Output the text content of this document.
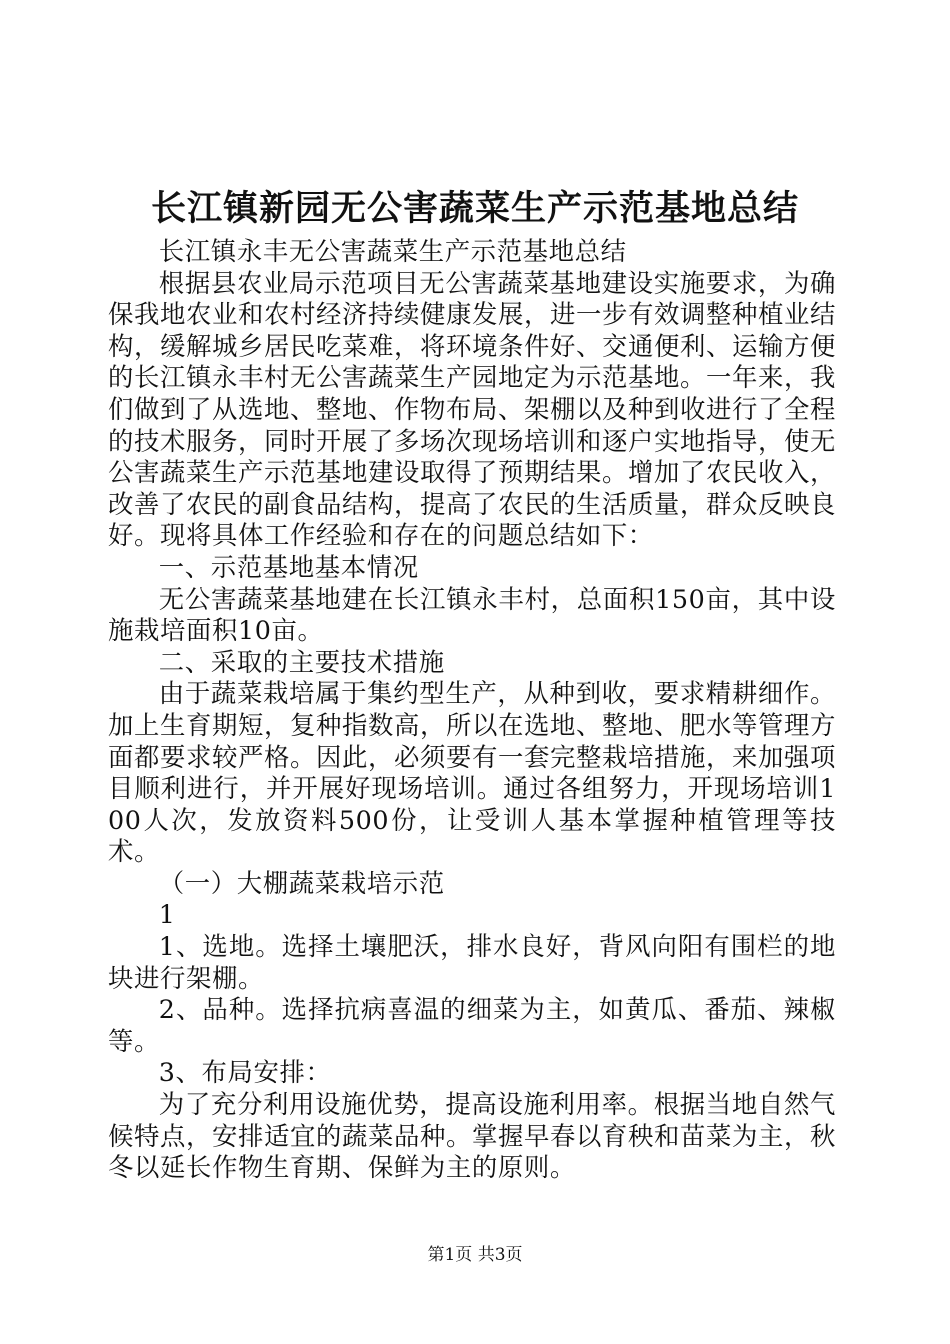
长江镇新园无公害蔬菜生产示范基地总结

长江镇永丰无公害蔬菜生产示范基地总结

根据县农业局示范项目无公害蔬菜基地建设实施要求，为确保我地农业和农村经济持续健康发展，进一步有效调整种植业结构，缓解城乡居民吃菜难，将环境条件好、交通便利、运输方便的长江镇永丰村无公害蔬菜生产园地定为示范基地。一年来，我们做到了从选地、整地、作物布局、架棚以及种到收进行了全程的技术服务，同时开展了多场次现场培训和逐户实地指导，使无公害蔬菜生产示范基地建设取得了预期结果。增加了农民收入，改善了农民的副食品结构，提高了农民的生活质量，群众反映良好。现将具体工作经验和存在的问题总结如下：

一、示范基地基本情况

无公害蔬菜基地建在长江镇永丰村，总面积150亩，其中设施栽培面积10亩。

二、采取的主要技术措施

由于蔬菜栽培属于集约型生产，从种到收，要求精耕细作。加上生育期短，复种指数高，所以在选地、整地、肥水等管理方面都要求较严格。因此，必须要有一套完整栽培措施，来加强项目顺利进行，并开展好现场培训。通过各组努力，开现场培训100人次，发放资料500份，让受训人基本掌握种植管理等技术。

（一）大棚蔬菜栽培示范

1

1、选地。选择土壤肥沃，排水良好，背风向阳有围栏的地块进行架棚。

2、品种。选择抗病喜温的细菜为主，如黄瓜、番茄、辣椒等。

3、布局安排：

为了充分利用设施优势，提高设施利用率。根据当地自然气候特点，安排适宜的蔬菜品种。掌握早春以育秧和苗菜为主，秋冬以延长作物生育期、保鲜为主的原则。

第1页 共3页
